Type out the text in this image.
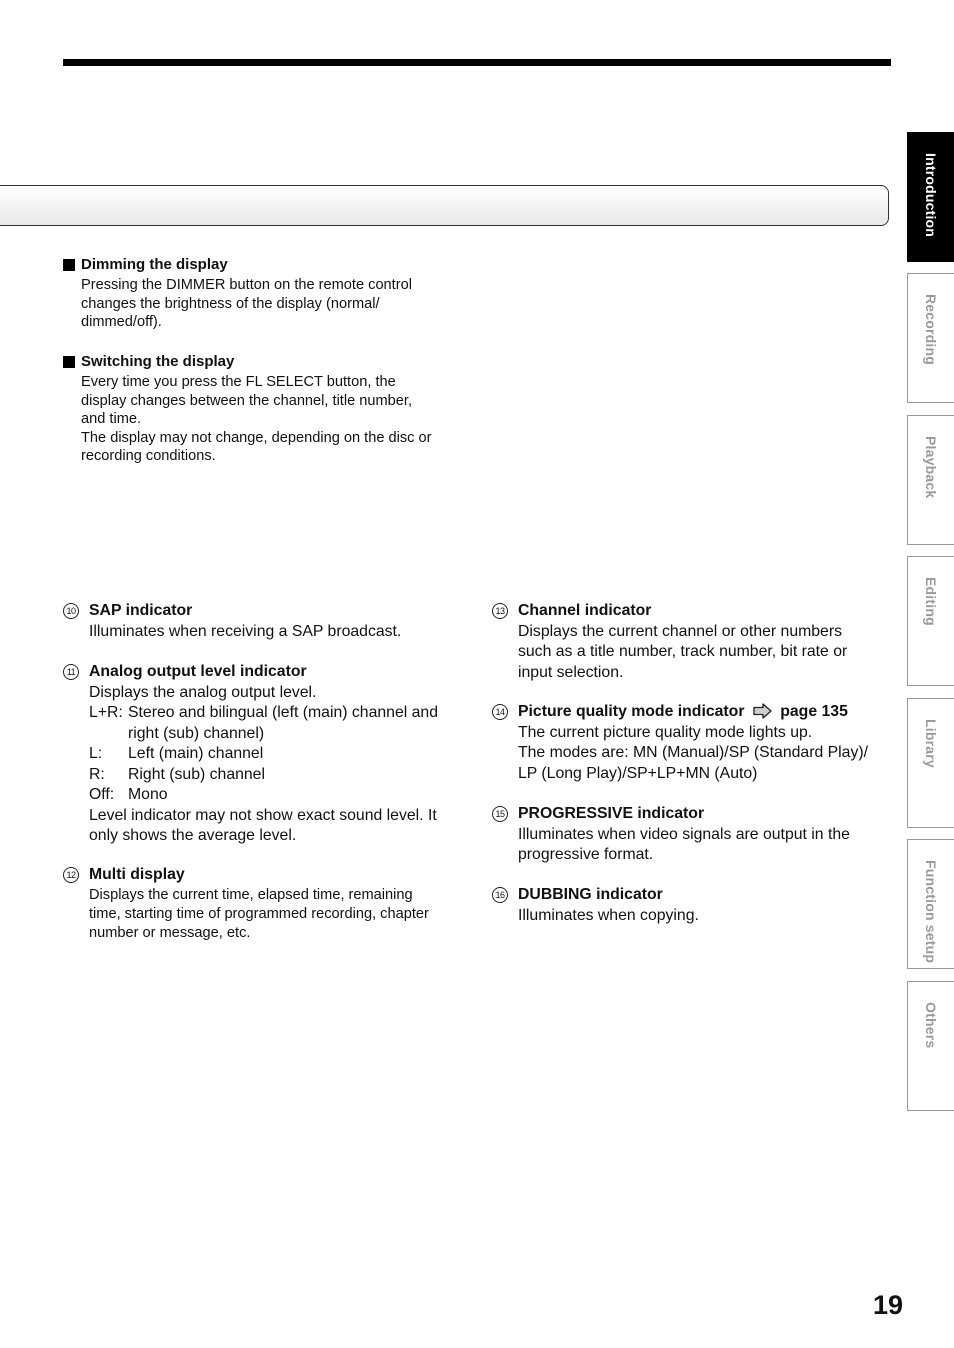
Introduction
Recording
Playback
Editing
Library
Function setup
Others
Dimming the display
Pressing the DIMMER button on the remote control
changes the brightness of the display (normal/
dimmed/off).
Switching the display
Every time you press the FL SELECT button, the
display changes between the channel, title number,
and time.
The display may not change, depending on the disc or
recording conditions.
10 SAP indicator
Illuminates when receiving a SAP broadcast.
11 Analog output level indicator
Displays the analog output level.
L+R: Stereo and bilingual (left (main) channel and
right (sub) channel)
L:	Left (main) channel
R:	Right (sub) channel
Off: Mono
Level indicator may not show exact sound level. It
only shows the average level.
12 Multi display
Displays the current time, elapsed time, remaining
time, starting time of programmed recording, chapter
number or message, etc.
13 Channel indicator
Displays the current channel or other numbers
such as a title number, track number, bit rate or
input selection.
14 Picture quality mode indicator page 135
The current picture quality mode lights up.
The modes are: MN (Manual)/SP (Standard Play)/
LP (Long Play)/SP+LP+MN (Auto)
15 PROGRESSIVE indicator
Illuminates when video signals are output in the
progressive format.
16 DUBBING indicator
Illuminates when copying.
19
